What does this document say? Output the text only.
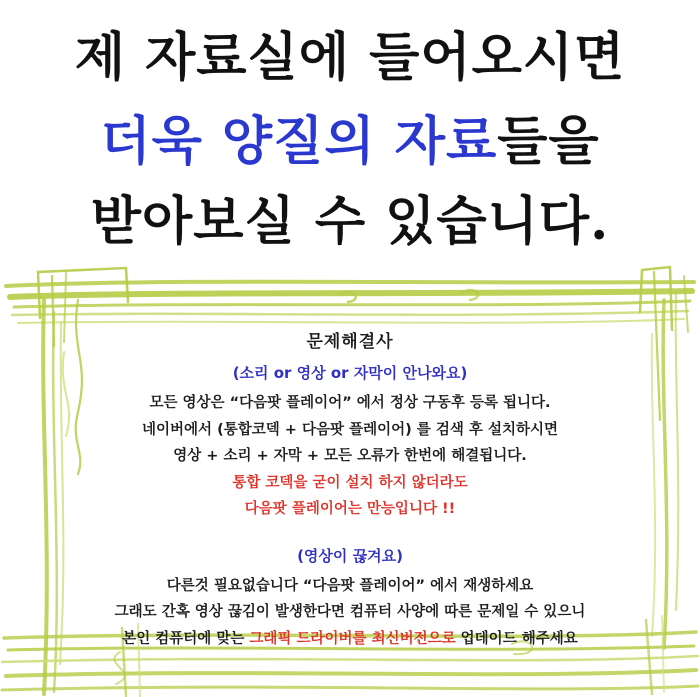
제 자료실에 들어오시면
더욱 양질의 자료들을
받아보실 수 있습니다.
문제해결사
(소리 or 영상 or 자막이 안나와요)
모든 영상은 “다음팟 플레이어” 에서 정상 구동후 등록 됩니다.
네이버에서 (통합코덱 + 다음팟 플레이어) 를 검색 후 설치하시면
영상 + 소리 + 자막 + 모든 오류가 한번에 해결됩니다.
통합 코덱을 굳이 설치 하지 않더라도
다음팟 플레이어는 만능입니다 !!
(영상이 끊겨요)
다른것 필요없습니다 “다음팟 플레이어” 에서 재생하세요
그래도 간혹 영상 끊김이 발생한다면 컴퓨터 사양에 따른 문제일 수 있으니
본인 컴퓨터에 맞는 그래픽 드라이버를 최신버전으로 업데이드 해주세요
